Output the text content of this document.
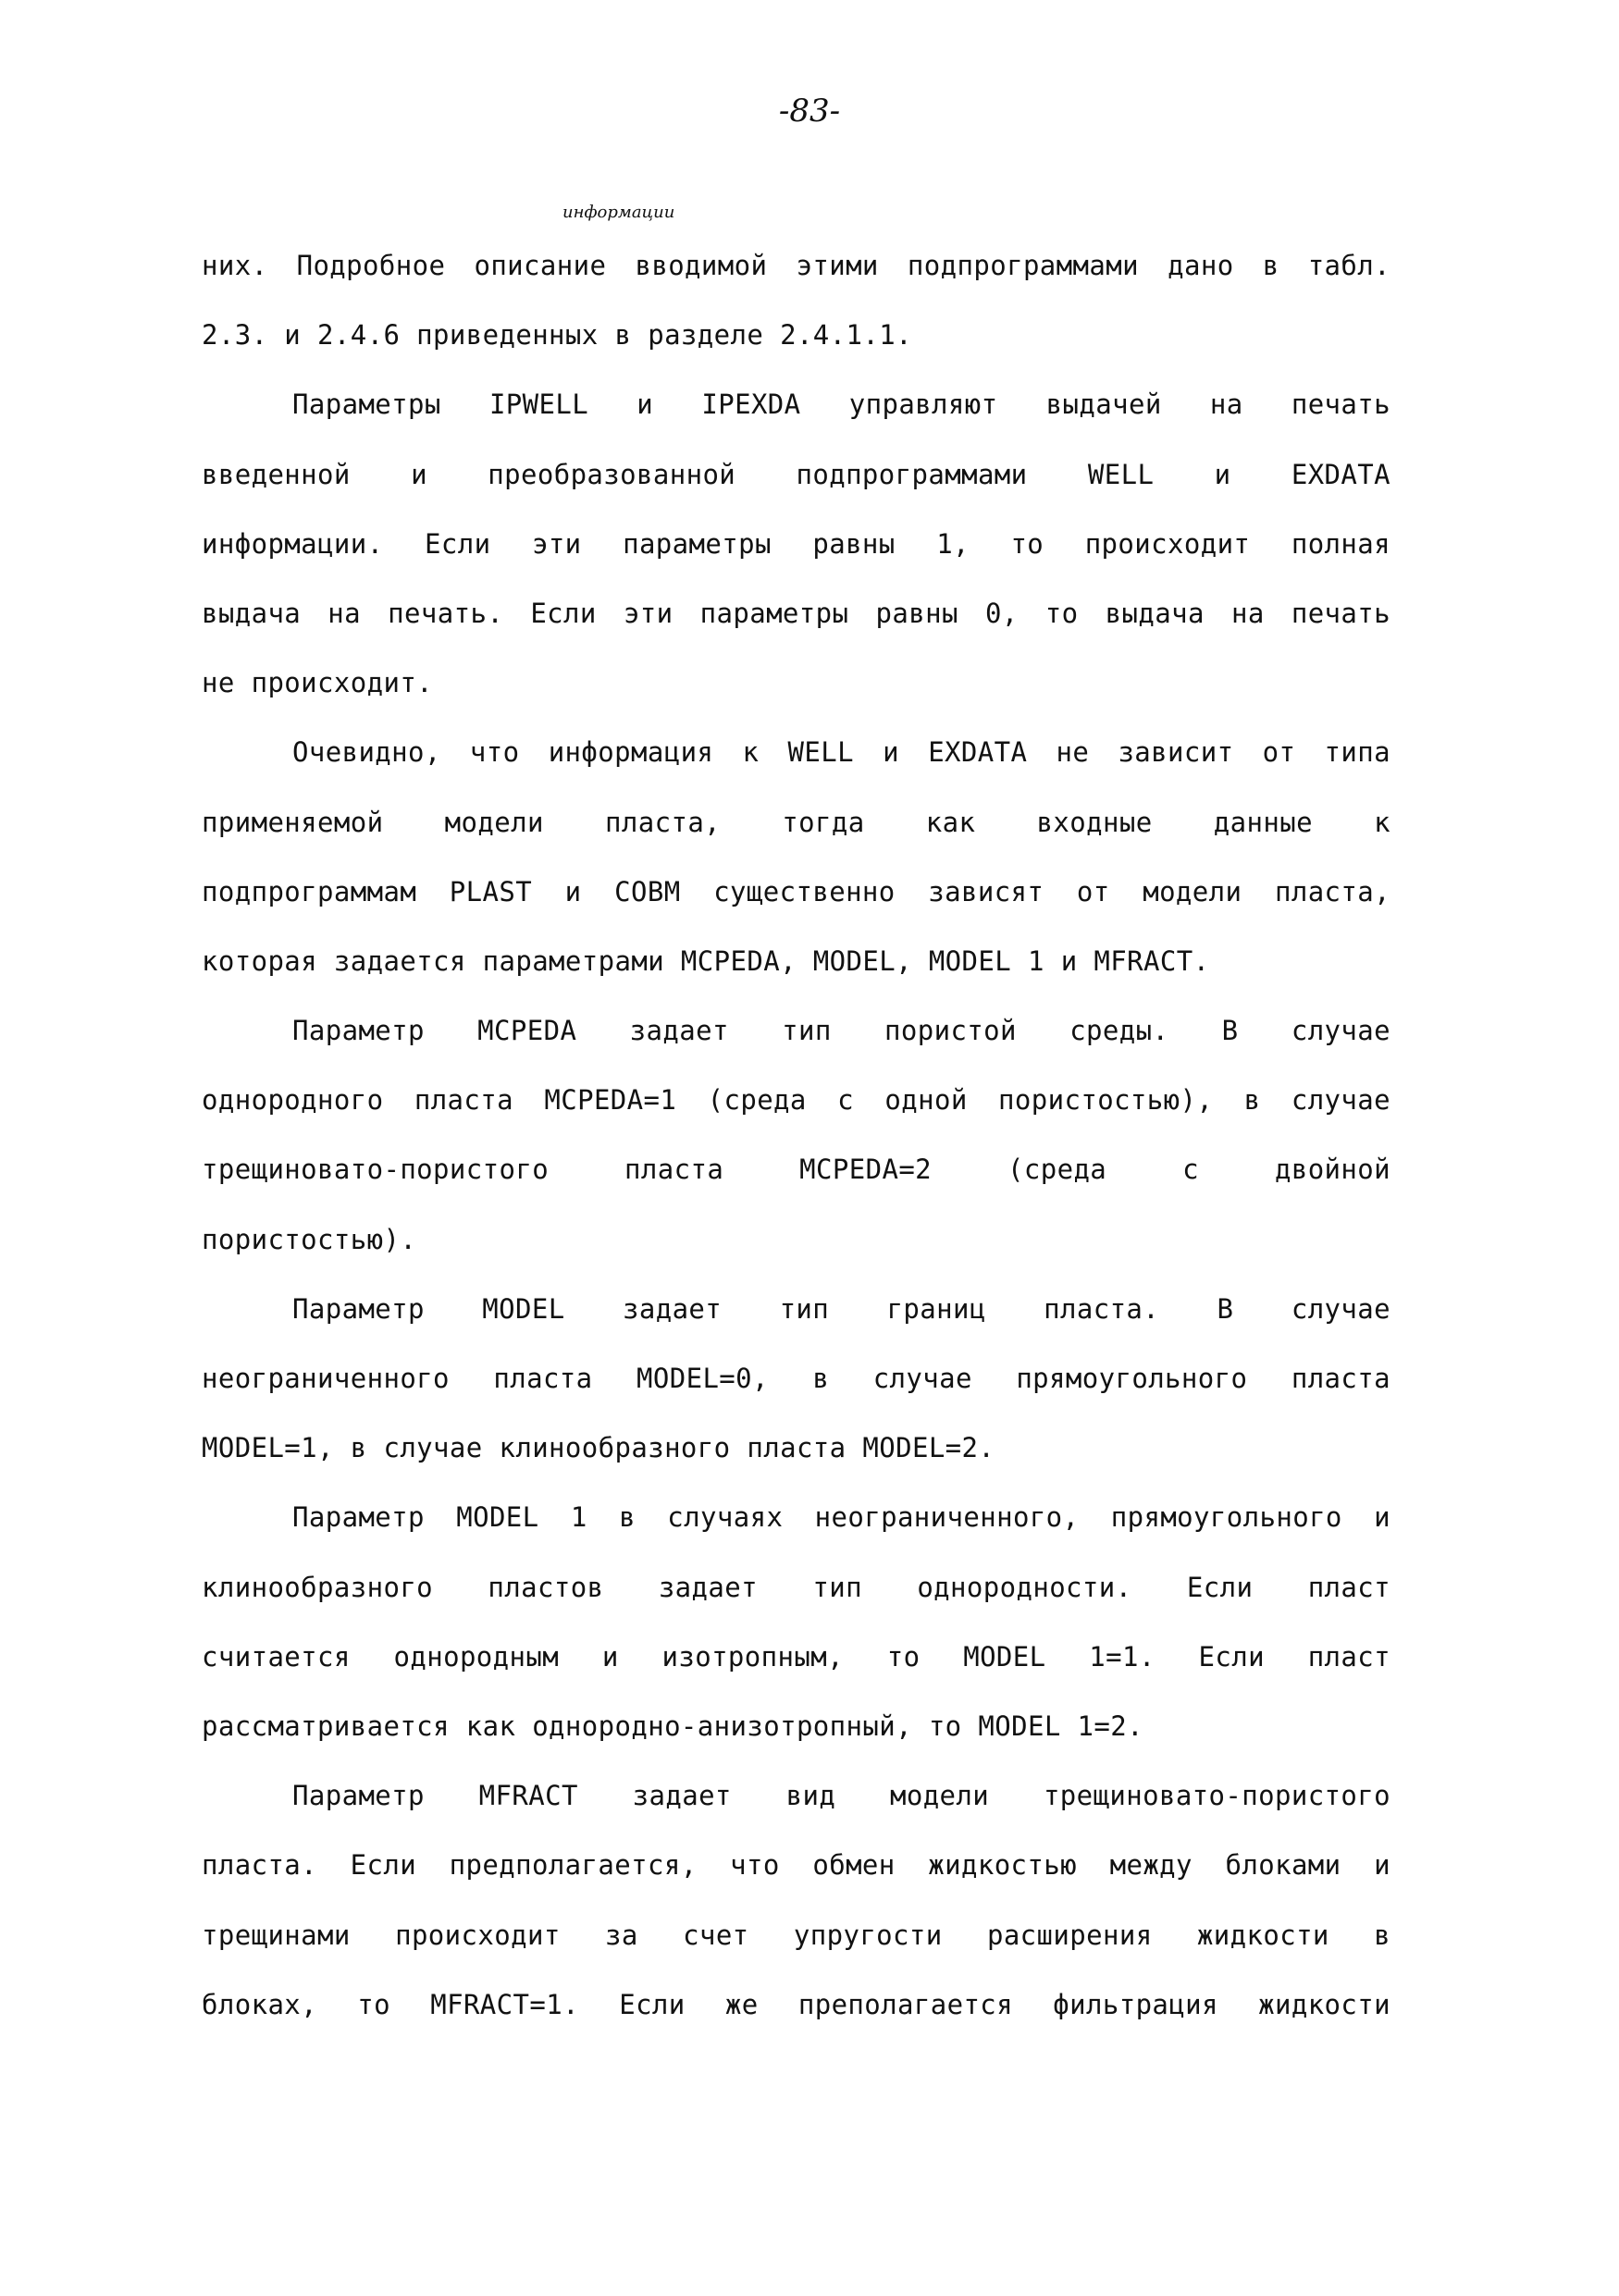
-83-
информации
них. Подробное описание вводимой этими подпрограммами дано в табл.
2.3. и 2.4.6 приведенных в разделе 2.4.1.1.
Параметры IPWELL и IPEXDA управляют выдачей на печать
введенной и преобразованной подпрограммами WELL и EXDATA
информации. Если эти параметры равны 1, то происходит полная
выдача на печать. Если эти параметры равны 0, то выдача на печать
не происходит.
Очевидно, что информация к WELL и EXDATA не зависит от типа
применяемой модели пласта, тогда как входные данные к
подпрограммам PLAST и COBM существенно зависят от модели пласта,
которая задается параметрами MCPEDA, MODEL, MODEL 1 и MFRACT.
Параметр MCPEDA задает тип пористой среды. В случае
однородного пласта MCPEDA=1 (среда с одной пористостью), в случае
трещиновато-пористого пласта MCPEDA=2 (среда с двойной
пористостью).
Параметр MODEL задает тип границ пласта. В случае
неограниченного пласта MODEL=0, в случае прямоугольного пласта
MODEL=1, в случае клинообразного пласта MODEL=2.
Параметр MODEL 1 в случаях неограниченного, прямоугольного и
клинообразного пластов задает тип однородности. Если пласт
считается однородным и изотропным, то MODEL 1=1. Если пласт
рассматривается как однородно-анизотропный, то MODEL 1=2.
Параметр MFRACT задает вид модели трещиновато-пористого
пласта. Если предполагается, что обмен жидкостью между блоками и
трещинами происходит за счет упругости расширения жидкости в
блоках, то MFRACT=1. Если же преполагается фильтрация жидкости
